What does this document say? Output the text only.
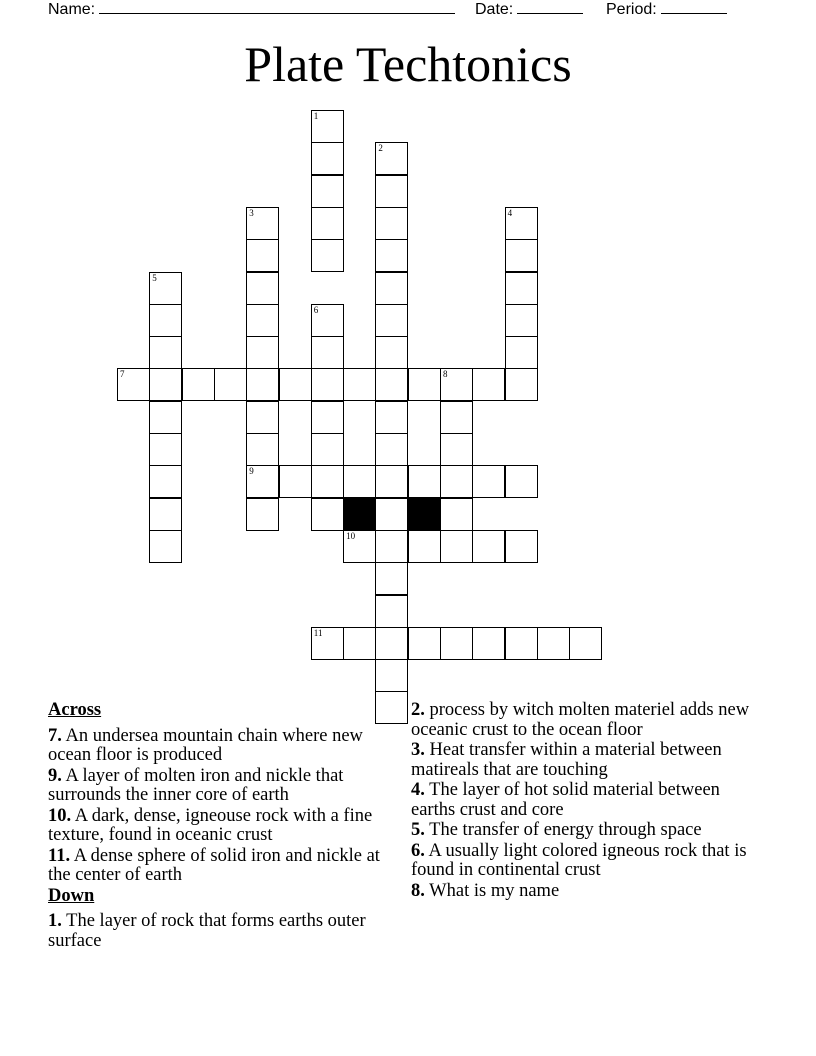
Name:	Date:	Period:
Plate Techtonics
1
2
3
9
4
5
6
7	8
10
11
Across
7. An undersea mountain chain where new ocean floor is produced
9. A layer of molten iron and nickle that surrounds the inner core of earth
10. A dark, dense, igneouse rock with a fine texture, found in oceanic crust
11. A dense sphere of solid iron and nickle at the center of earth
Down
1. The layer of rock that forms earths outer surface
2. process by witch molten materiel adds new oceanic crust to the ocean floor
3. Heat transfer within a material between matireals that are touching
4. The layer of hot solid material between earths crust and core
5. The transfer of energy through space
6. A usually light colored igneous rock that is found in continental crust
8. What is my name
